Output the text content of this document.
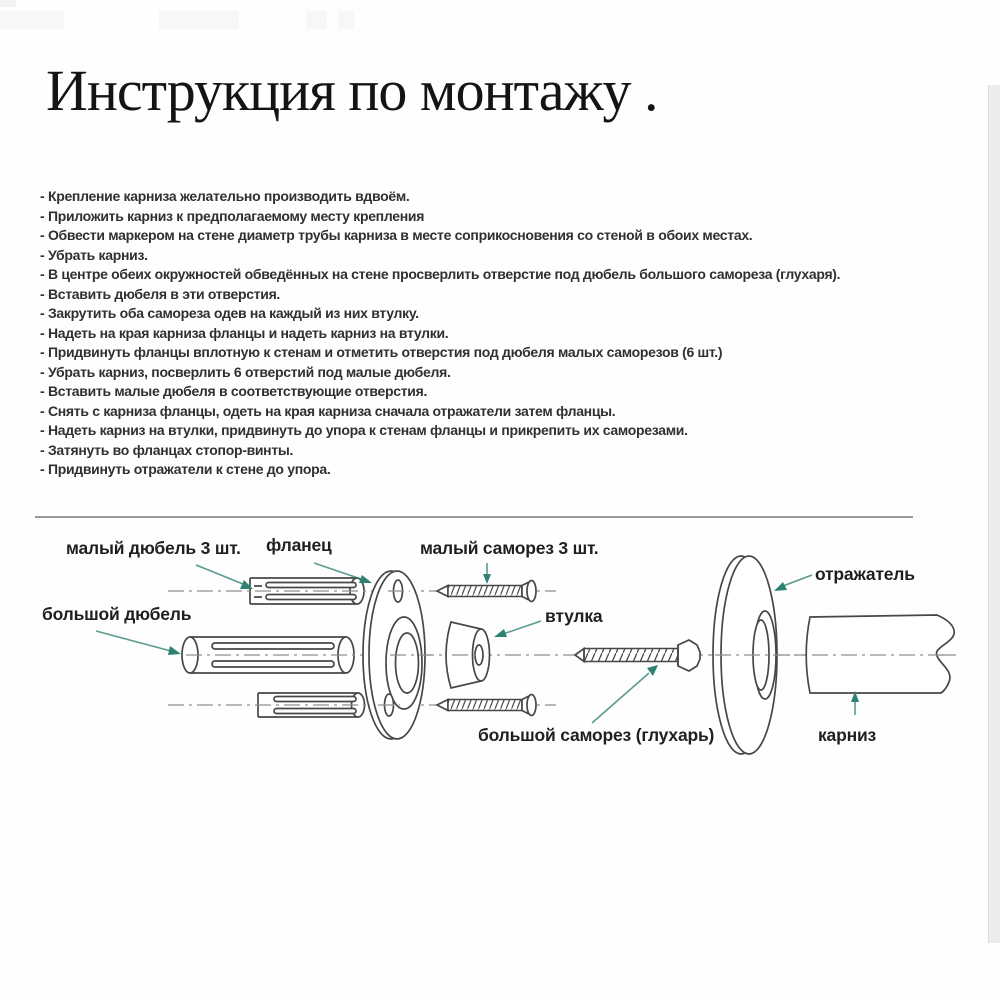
Инструкция по монтажу .
- Крепление карниза желательно производить вдвоём.
- Приложить карниз к предполагаемому месту крепления
- Обвести маркером на стене диаметр трубы карниза в месте соприкосновения со стеной в обоих местах.
- Убрать карниз.
- В центре обеих окружностей обведённых на стене просверлить отверстие под дюбель большого самореза (глухаря).
- Вставить дюбеля в эти отверстия.
- Закрутить оба самореза одев на каждый из них втулку.
- Надеть на края карниза фланцы и надеть карниз на втулки.
- Придвинуть фланцы вплотную к стенам и отметить отверстия под дюбеля малых саморезов (6 шт.)
- Убрать карниз, посверлить 6 отверстий под малые дюбеля.
- Вставить малые дюбеля в соответствующие отверстия.
- Снять с карниза фланцы, одеть на края карниза сначала отражатели затем фланцы.
- Надеть карниз на втулки, придвинуть до упора к стенам фланцы и прикрепить их саморезами.
- Затянуть во фланцах стопор-винты.
- Придвинуть отражатели к стене до упора.
малый дюбель 3 шт. фланец	малый саморез 3 шт.
большой дюбель	втулка
отражатель
большой саморез (глухарь)	карниз
